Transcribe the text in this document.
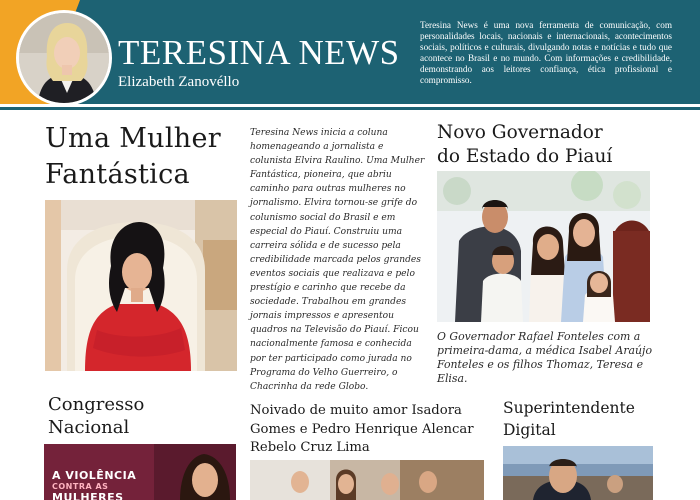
TERESINA NEWS
Elizabeth Zanovéllo
Teresina News é uma nova ferramenta de comunicação, com personalidades locais, nacionais e internacionais, acontecimentos sociais, políticos e culturais, divulgando notas e notícias e tudo que acontece no Brasil e no mundo. Com informações e credibilidade, demonstrando aos leitores confiança, ética profissional e compromisso.
Uma Mulher
Fantástica
Congresso
Nacional
A VIOLÊNCIA
CONTRA AS
MULHERES
Teresina News inicia a coluna homenageando a jornalista e colunista Elvira Raulino. Uma Mulher Fantástica, pioneira, que abriu caminho para outras mulheres no jornalismo. Elvira tornou-se grife do colunismo social do Brasil e em especial do Piauí. Construiu uma carreira sólida e de sucesso pela credibilidade marcada pelos grandes eventos sociais que realizava e pelo prestígio e carinho que recebe da sociedade. Trabalhou em grandes jornais impressos e apresentou quadros na Televisão do Piauí. Ficou nacionalmente famosa e conhecida por ter participado como jurada no Programa do Velho Guerreiro, o Chacrinha da rede Globo.
Noivado de muito amor Isadora Gomes e Pedro Henrique Alencar Rebelo Cruz Lima
Novo Governador
do Estado do Piauí
O Governador Rafael Fonteles com a primeira-dama, a médica Isabel Araújo Fonteles e os filhos Thomaz, Teresa e Elisa.
Superintendente
Digital
